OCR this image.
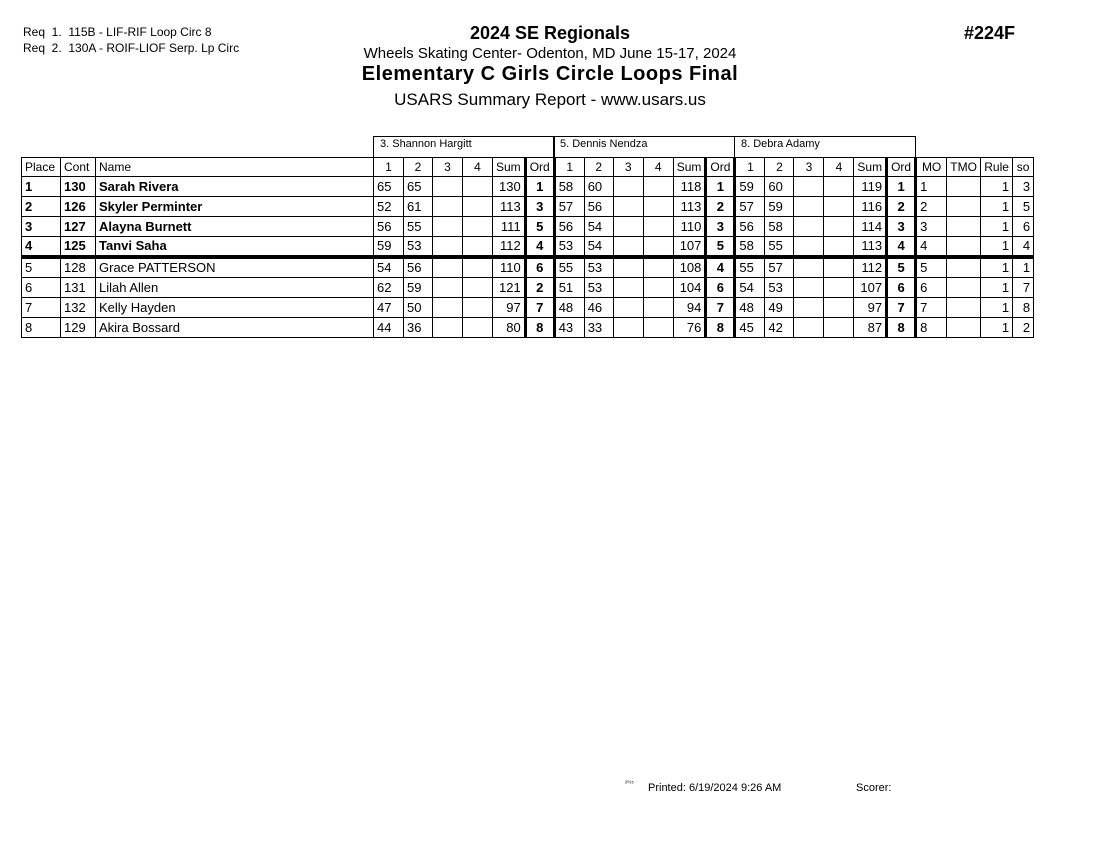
Req  1.  115B - LIF-RIF Loop Circ 8
Req  2.  130A - ROIF-LIOF Serp. Lp Circ
2024 SE Regionals
Wheels Skating Center- Odenton, MD June 15-17, 2024
Elementary C Girls Circle Loops Final
USARS Summary Report - www.usars.us
#224F
3. Shannon Hargitt	5. Dennis Nendza	8. Debra Adamy
Place	Cont	Name	1	2	3	4	Sum	Ord	1	2	3	4	Sum	Ord	1	2	3	4	Sum	Ord	MO	TMO	Rule	so
1	130	Sarah Rivera	65	65			130	1	58	60			118	1	59	60			119	1	1		1	3
2	126	Skyler Perminter	52	61			113	3	57	56			113	2	57	59			116	2	2		1	5
3	127	Alayna Burnett	56	55			111	5	56	54			110	3	56	58			114	3	3		1	6
4	125	Tanvi Saha	59	53			112	4	53	54			107	5	58	55			113	4	4		1	4
5	128	Grace PATTERSON	54	56			110	6	55	53			108	4	55	57			112	5	5		1	1
6	131	Lilah Allen	62	59			121	2	51	53			104	6	54	53			107	6	6		1	7
7	132	Kelly Hayden	47	50			97	7	48	46			94	7	48	49			97	7	7		1	8
8	129	Akira Bossard	44	36			80	8	43	33			76	8	45	42			87	8	8		1	2
²⁰¹⁵ Printed: 6/19/2024 9:26 AM	Scorer:
